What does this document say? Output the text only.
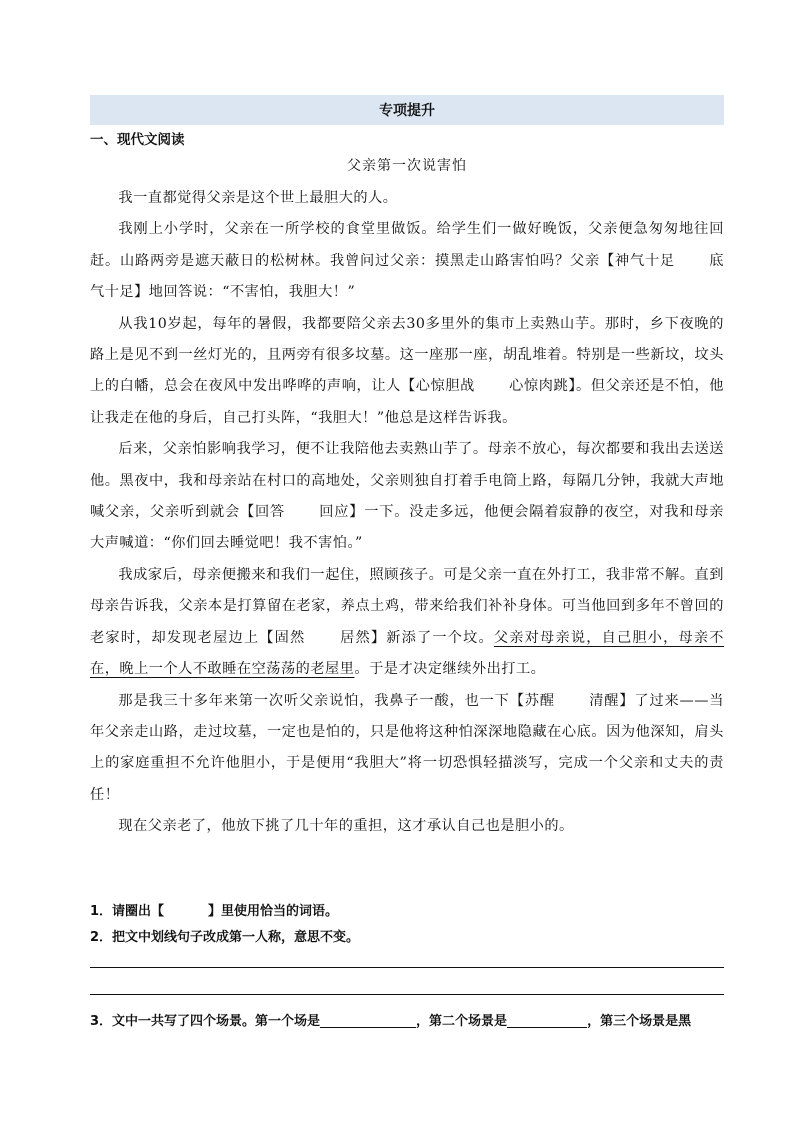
专项提升
一、现代文阅读
父亲第一次说害怕

我一直都觉得父亲是这个世上最胆大的人。

我刚上小学时，父亲在一所学校的食堂里做饭。给学生们一做好晚饭，父亲便急匆匆地往回赶。山路两旁是遮天蔽日的松树林。我曾问过父亲：摸黑走山路害怕吗？父亲【神气十足 底气十足】地回答说：“不害怕，我胆大！”

从我10岁起，每年的暑假，我都要陪父亲去30多里外的集市上卖熟山芋。那时，乡下夜晚的路上是见不到一丝灯光的，且两旁有很多坟墓。这一座那一座，胡乱堆着。特别是一些新坟，坟头上的白幡，总会在夜风中发出哗哗的声响，让人【心惊胆战 心惊肉跳】。但父亲还是不怕，他让我走在他的身后，自己打头阵，“我胆大！”他总是这样告诉我。

后来，父亲怕影响我学习，便不让我陪他去卖熟山芋了。母亲不放心，每次都要和我出去送送他。黑夜中，我和母亲站在村口的高地处，父亲则独自打着手电筒上路，每隔几分钟，我就大声地喊父亲，父亲听到就会【回答 回应】一下。没走多远，他便会隔着寂静的夜空，对我和母亲大声喊道：“你们回去睡觉吧！我不害怕。”

我成家后，母亲便搬来和我们一起住，照顾孩子。可是父亲一直在外打工，我非常不解。直到母亲告诉我，父亲本是打算留在老家，养点土鸡，带来给我们补补身体。可当他回到多年不曾回的老家时，却发现老屋边上【固然 居然】新添了一个坟。父亲对母亲说，自己胆小，母亲不在，晚上一个人不敢睡在空荡荡的老屋里。于是才决定继续外出打工。

那是我三十多年来第一次听父亲说怕，我鼻子一酸，也一下【苏醒 清醒】了过来——当年父亲走山路，走过坟墓，一定也是怕的，只是他将这种怕深深地隐藏在心底。因为他深知，肩头上的家庭重担不允许他胆小，于是便用“我胆大”将一切恐惧轻描淡写，完成一个父亲和丈夫的责任！

现在父亲老了，他放下挑了几十年的重担，这才承认自己也是胆小的。

1．请圈出【	】里使用恰当的词语。
2．把文中划线句子改成第一人称，意思不变。
3．文中一共写了四个场景。第一个场是	，第二个场景是	，第三个场景是黑
